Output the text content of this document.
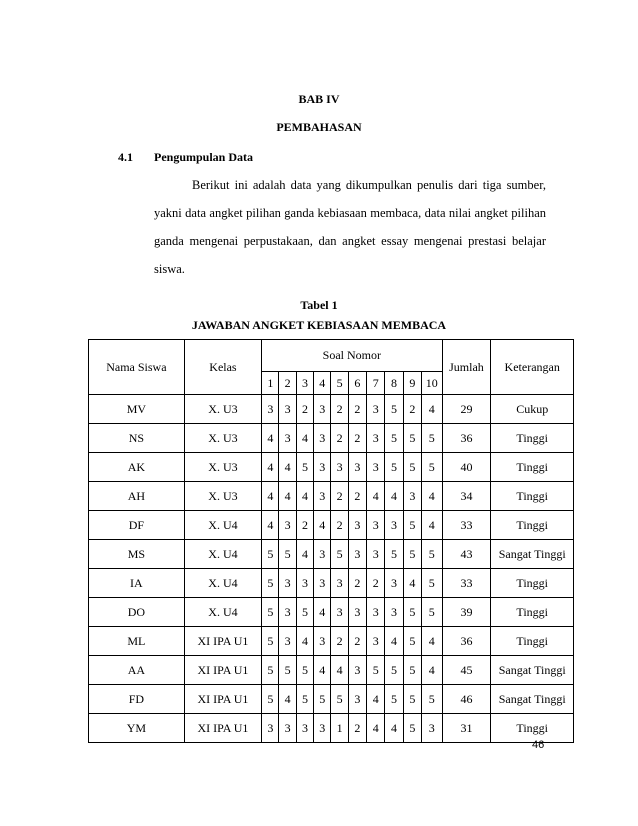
BAB IV
PEMBAHASAN
4.1 Pengumpulan Data
Berikut ini adalah data yang dikumpulkan penulis dari tiga sumber,
yakni data angket pilihan ganda kebiasaan membaca, data nilai angket pilihan
ganda mengenai perpustakaan, dan angket essay mengenai prestasi belajar
siswa.
Tabel 1
JAWABAN ANGKET KEBIASAAN MEMBACA
Nama Siswa	Kelas	Soal Nomor										Jumlah	Keterangan
		1	2	3	4	5	6	7	8	9	10		
MV	X. U3	3	3	2	3	2	2	3	5	2	4	29	Cukup
NS	X. U3	4	3	4	3	2	2	3	5	5	5	36	Tinggi
AK	X. U3	4	4	5	3	3	3	3	5	5	5	40	Tinggi
AH	X. U3	4	4	4	3	2	2	4	4	3	4	34	Tinggi
DF	X. U4	4	3	2	4	2	3	3	3	5	4	33	Tinggi
MS	X. U4	5	5	4	3	5	3	3	5	5	5	43	Sangat Tinggi
IA	X. U4	5	3	3	3	3	2	2	3	4	5	33	Tinggi
DO	X. U4	5	3	5	4	3	3	3	3	5	5	39	Tinggi
ML	XI IPA U1	5	3	4	3	2	2	3	4	5	4	36	Tinggi
AA	XI IPA U1	5	5	5	4	4	3	5	5	5	4	45	Sangat Tinggi
FD	XI IPA U1	5	4	5	5	5	3	4	5	5	5	46	Sangat Tinggi
YM	XI IPA U1	3	3	3	3	1	2	4	4	5	3	31	Tinggi
46
